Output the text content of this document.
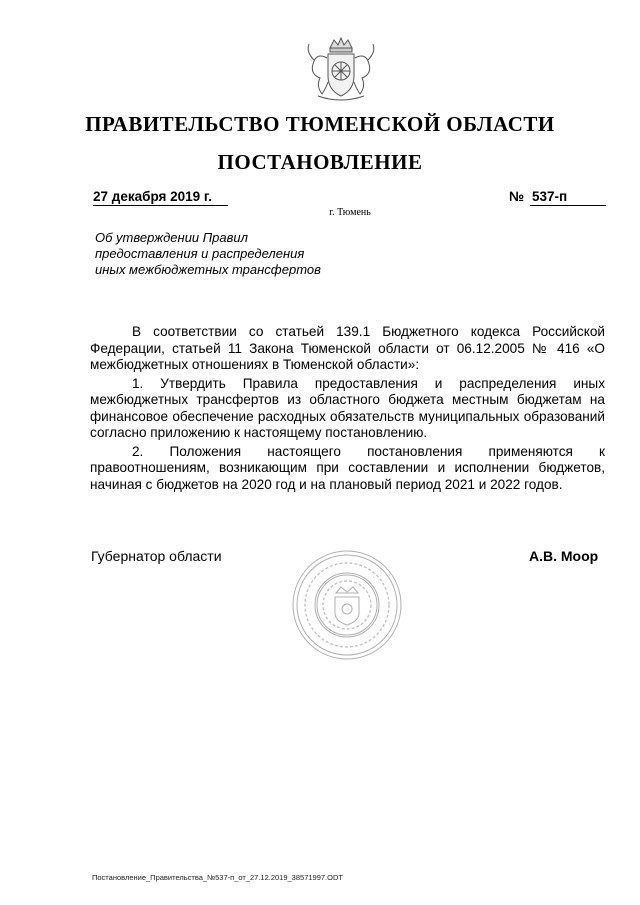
ПРАВИТЕЛЬСТВО ТЮМЕНСКОЙ ОБЛАСТИ
ПОСТАНОВЛЕНИЕ
27 декабря 2019 г.	№ 537-п
г. Тюмень
Об утверждении Правил
предоставления и распределения
иных межбюджетных трансфертов

В соответствии со статьей 139.1 Бюджетного кодекса Российской Федерации, статьей 11 Закона Тюменской области от 06.12.2005 № 416 «О межбюджетных отношениях в Тюменской области»:

1. Утвердить Правила предоставления и распределения иных межбюджетных трансфертов из областного бюджета местным бюджетам на финансовое обеспечение расходных обязательств муниципальных образований согласно приложению к настоящему постановлению.

2. Положения настоящего постановления применяются к правоотношениям, возникающим при составлении и исполнении бюджетов, начиная с бюджетов на 2020 год и на плановый период 2021 и 2022 годов.

Губернатор области	А.В. Моор
Постановление_Правительства_№537-п_от_27.12.2019_38571997.ODT
